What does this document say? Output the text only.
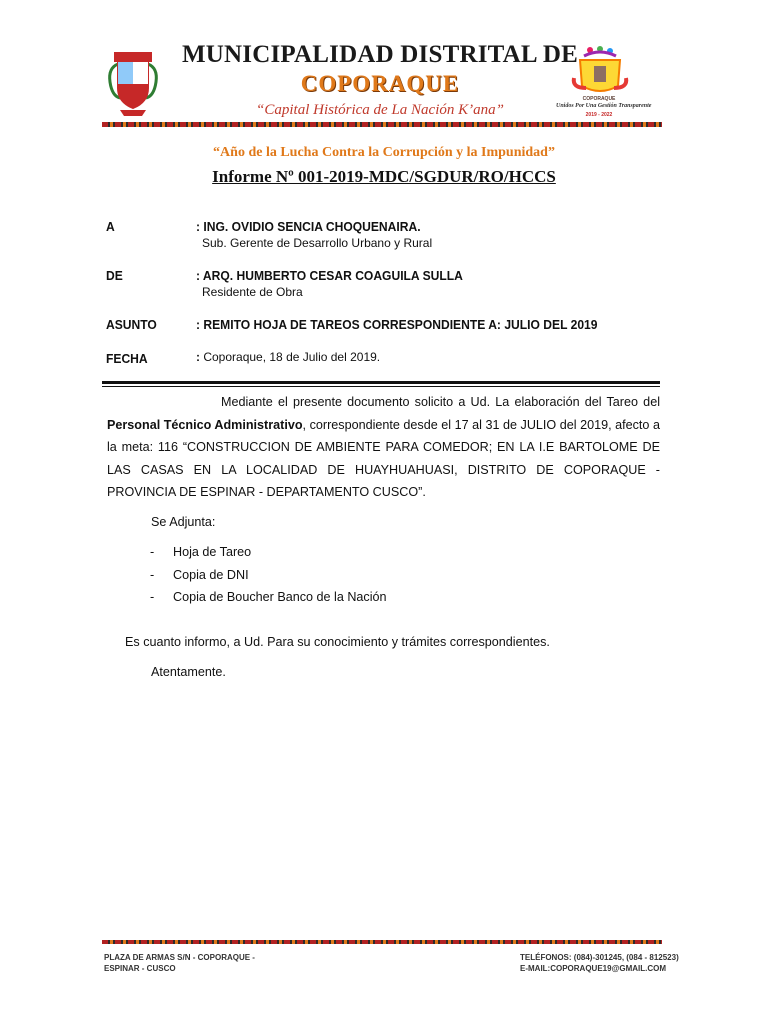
MUNICIPALIDAD DISTRITAL DE
COPORAQUE
“Capital Histórica de La Nación K’ana”
COPORAQUE
Unidos Por Una Gestión Transparente
2019 - 2022
“Año de la Lucha Contra la Corrupción y la Impunidad”
Informe Nº 001-2019-MDC/SGDUR/RO/HCCS
A	: ING. OVIDIO SENCIA CHOQUENAIRA.
Sub. Gerente de Desarrollo Urbano y Rural
DE	: ARQ. HUMBERTO CESAR COAGUILA SULLA
Residente de Obra
ASUNTO	: REMITO HOJA DE TAREOS CORRESPONDIENTE A: JULIO DEL 2019
FECHA	: Coporaque, 18 de Julio del 2019.
Mediante el presente documento solicito a Ud. La elaboración del Tareo del Personal Técnico Administrativo, correspondiente desde el 17 al 31 de JULIO del 2019, afecto a la meta: 116 “CONSTRUCCION DE AMBIENTE PARA COMEDOR; EN LA I.E BARTOLOME DE LAS CASAS EN LA LOCALIDAD DE HUAYHUAHUASI, DISTRITO DE COPORAQUE - PROVINCIA DE ESPINAR - DEPARTAMENTO CUSCO”.
Se Adjunta:
- Hoja de Tareo
- Copia de DNI
- Copia de Boucher Banco de la Nación
Es cuanto informo, a Ud. Para su conocimiento y trámites correspondientes.
Atentamente.
PLAZA DE ARMAS S/N - COPORAQUE -
ESPINAR - CUSCO
TELÉFONOS: (084)-301245, (084 - 812523)
E-MAIL:COPORAQUE19@GMAIL.COM
